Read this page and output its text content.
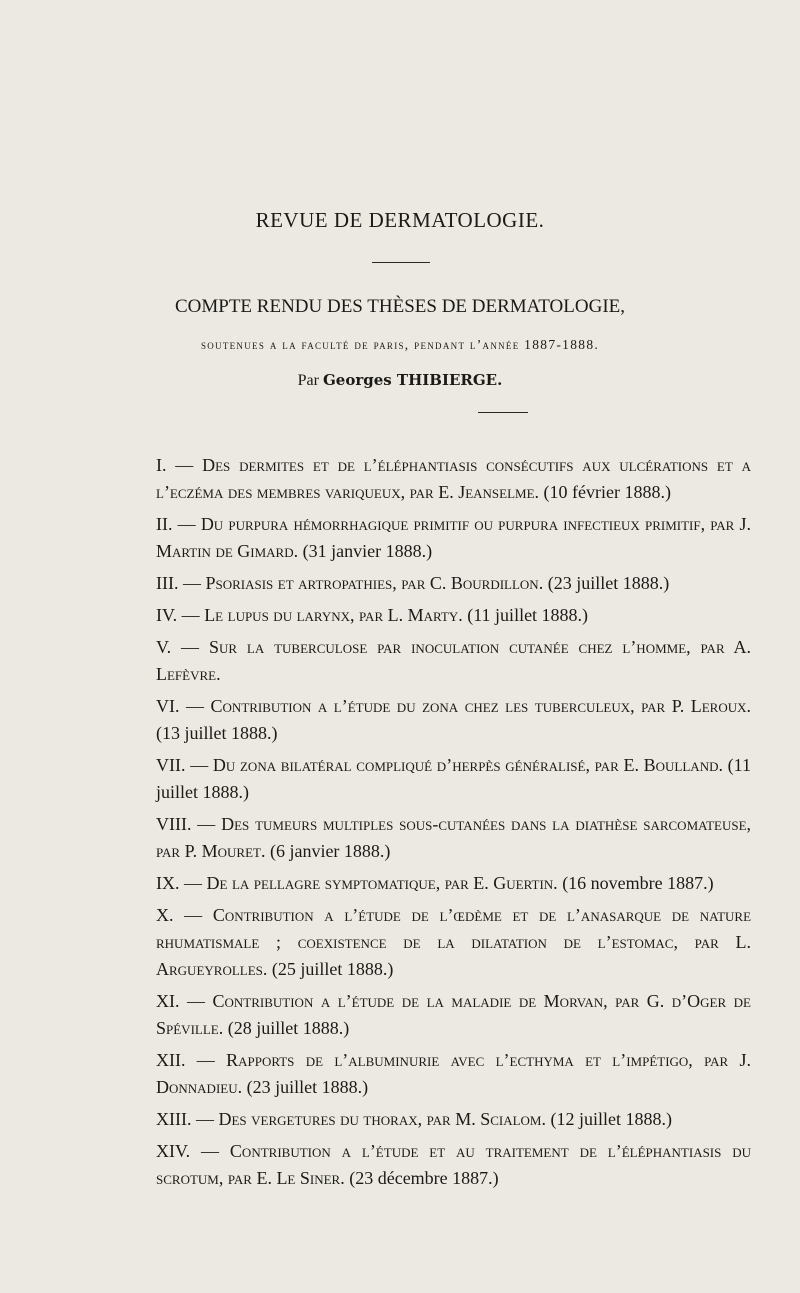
REVUE DE DERMATOLOGIE.
COMPTE RENDU DES THÈSES DE DERMATOLOGIE,
soutenues a la faculté de paris, pendant l’année 1887-1888.
Par Georges THIBIERGE.
I. — Des dermites et de l’éléphantiasis consécutifs aux ulcérations et a l’eczéma des membres variqueux, par E. Jeanselme. (10 février 1888.)
II. — Du purpura hémorrhagique primitif ou purpura infectieux primitif, par J. Martin de Gimard. (31 janvier 1888.)
III. — Psoriasis et artropathies, par C. Bourdillon. (23 juillet 1888.)
IV. — Le lupus du larynx, par L. Marty. (11 juillet 1888.)
V. — Sur la tuberculose par inoculation cutanée chez l’homme, par A. Lefèvre.
VI. — Contribution a l’étude du zona chez les tuberculeux, par P. Leroux. (13 juillet 1888.)
VII. — Du zona bilatéral compliqué d’herpès généralisé, par E. Boulland. (11 juillet 1888.)
VIII. — Des tumeurs multiples sous-cutanées dans la diathèse sarcomateuse, par P. Mouret. (6 janvier 1888.)
IX. — De la pellagre symptomatique, par E. Guertin. (16 novembre 1887.)
X. — Contribution a l’étude de l’œdème et de l’anasarque de nature rhumatismale ; coexistence de la dilatation de l’estomac, par L. Argueyrolles. (25 juillet 1888.)
XI. — Contribution a l’étude de la maladie de Morvan, par G. d’Oger de Spéville. (28 juillet 1888.)
XII. — Rapports de l’albuminurie avec l’ecthyma et l’impétigo, par J. Donnadieu. (23 juillet 1888.)
XIII. — Des vergetures du thorax, par M. Scialom. (12 juillet 1888.)
XIV. — Contribution a l’étude et au traitement de l’éléphantiasis du scrotum, par E. Le Siner. (23 décembre 1887.)
